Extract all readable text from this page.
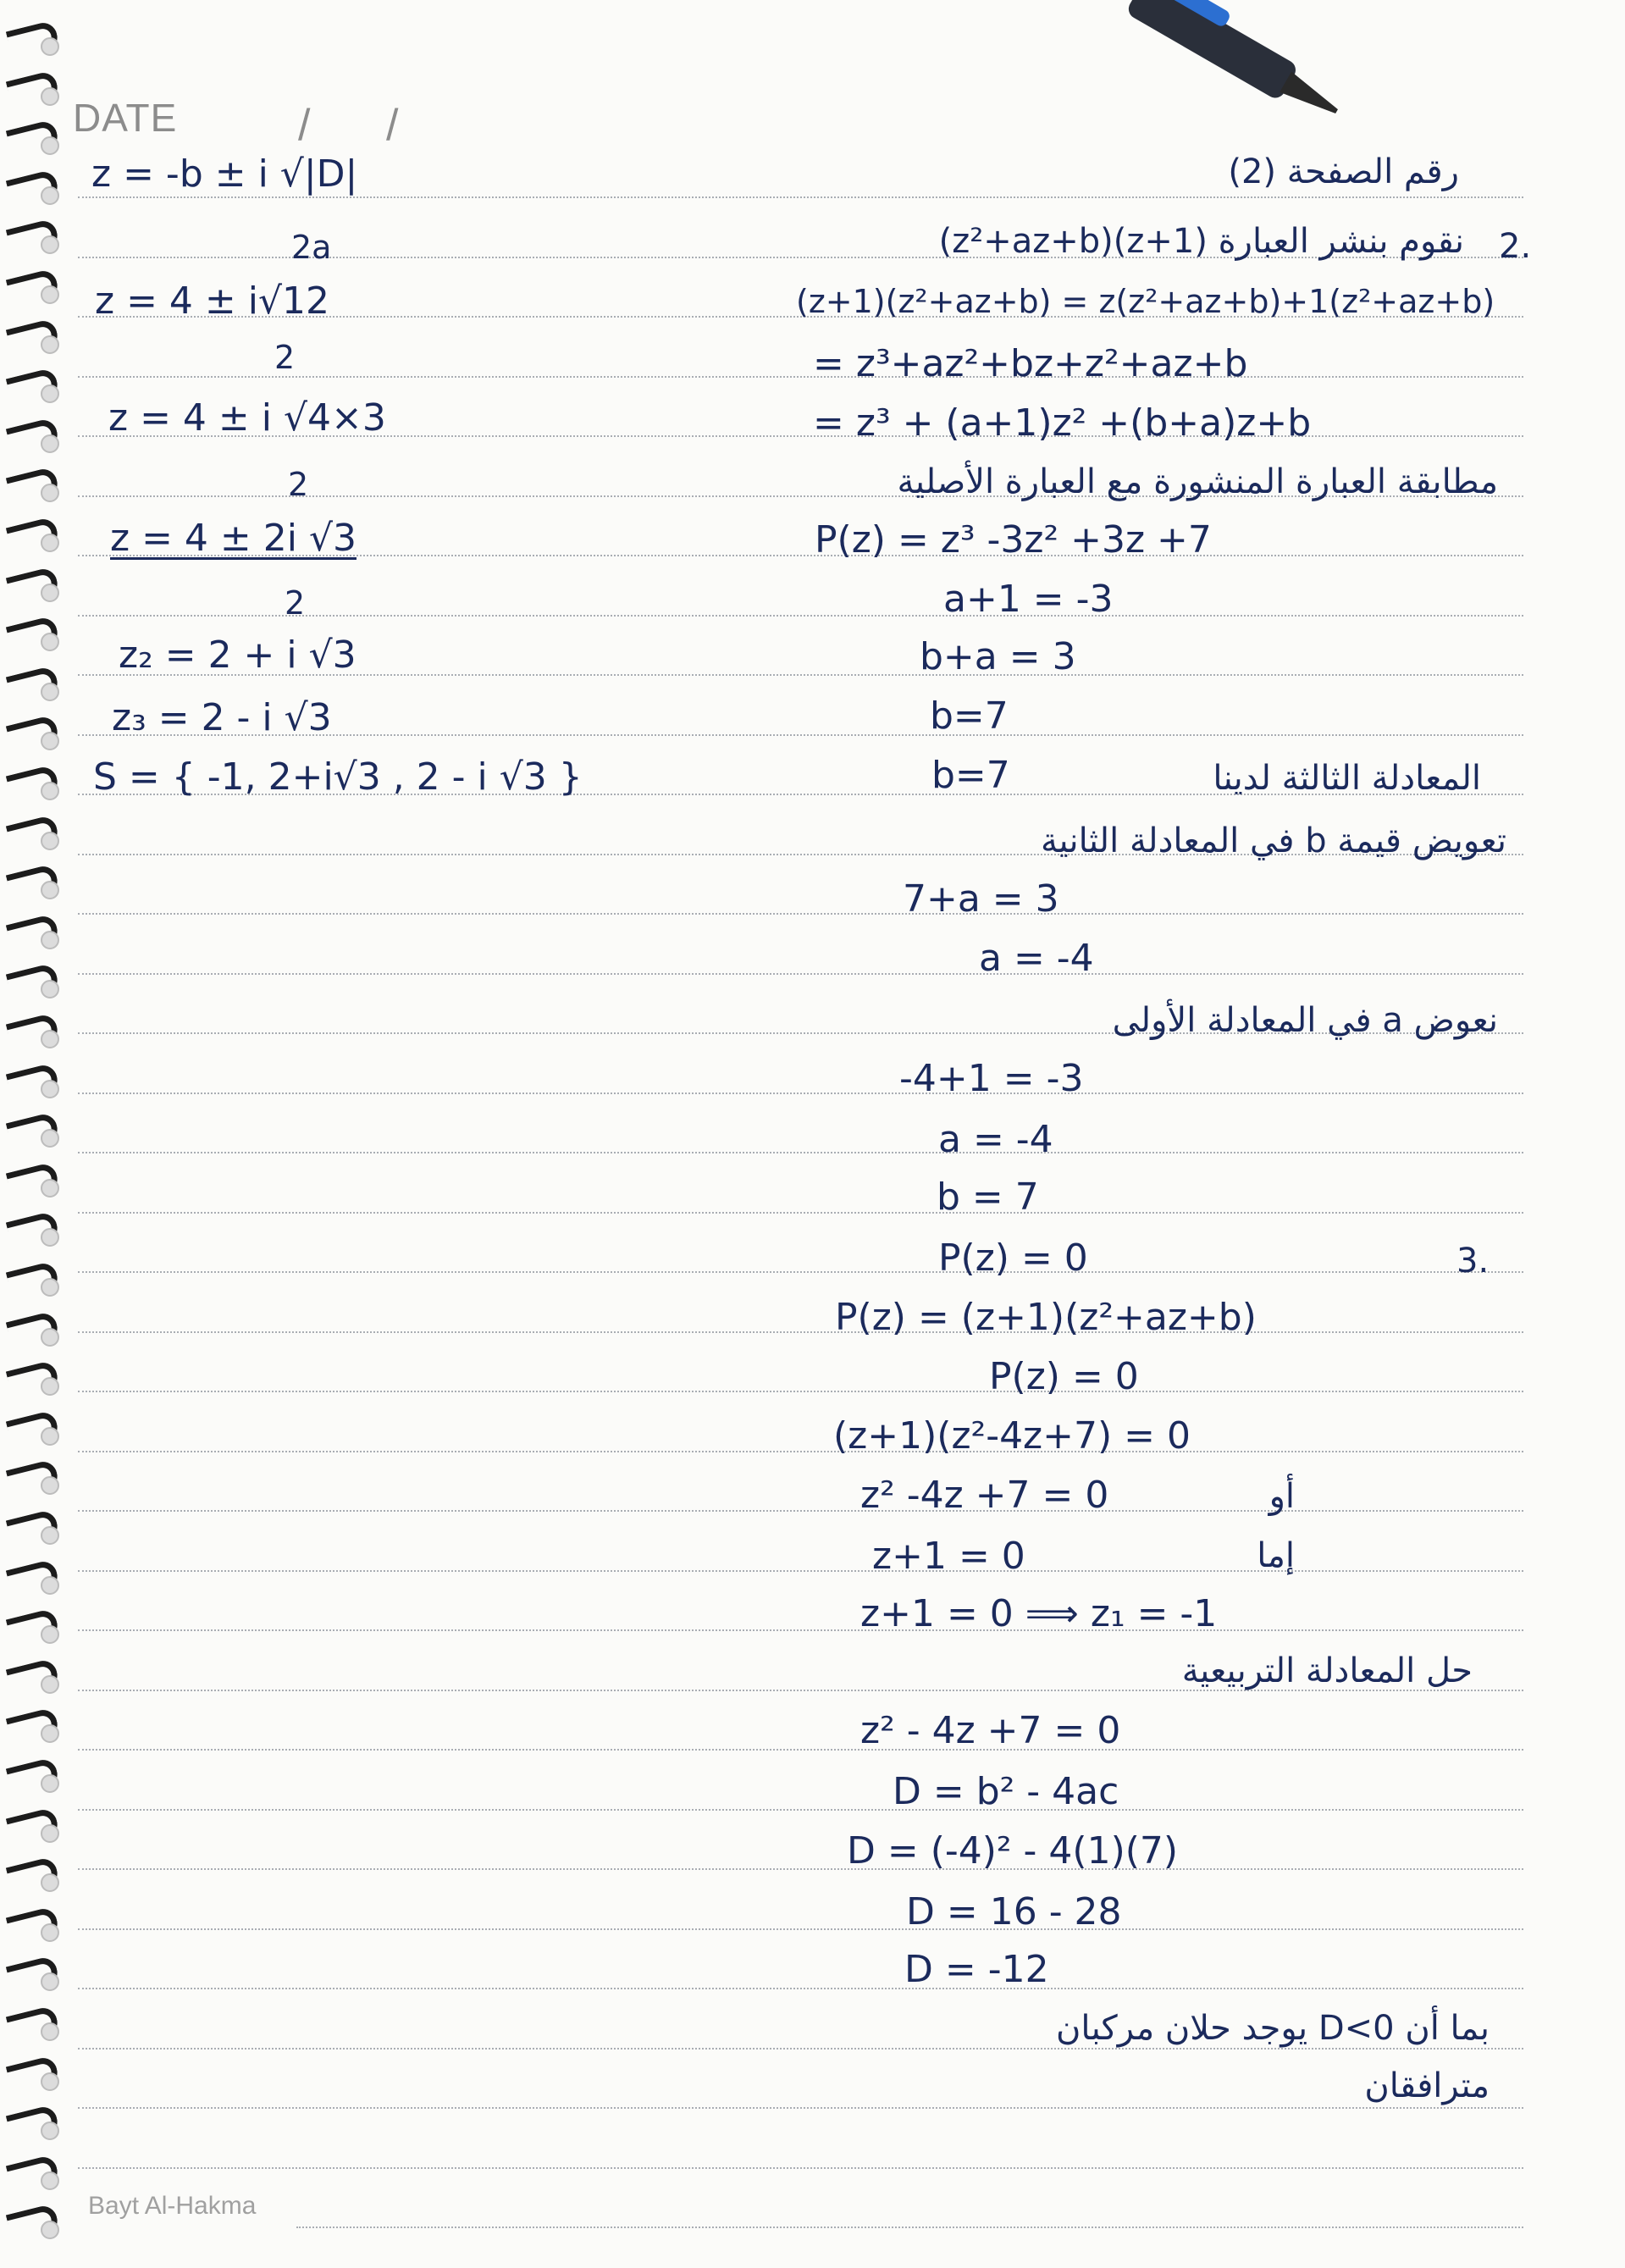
DATE	/ /
z = -b ± i √|D|
2a
z = 4 ± i√12
2
z = 4 ± i √4×3
2
z = 4 ± 2i √3
2
z₂ = 2 + i √3
z₃ = 2 - i √3
S = { -1, 2+i√3 , 2 - i √3 }
رقم الصفحة (2)
2.
نقوم بنشر العبارة (z+1)(z²+az+b)
(z+1)(z²+az+b) = z(z²+az+b)+1(z²+az+b)
= z³+az²+bz+z²+az+b
= z³ + (a+1)z² +(b+a)z+b
مطابقة العبارة المنشورة مع العبارة الأصلية
P(z) = z³ -3z² +3z +7
a+1 = -3
b+a = 3
b=7
b=7	المعادلة الثالثة لدينا
تعويض قيمة b في المعادلة الثانية
7+a = 3
a = -4
نعوض a في المعادلة الأولى
-4+1 = -3
a = -4
b = 7
3.
P(z) = 0
P(z) = (z+1)(z²+az+b)
P(z) = 0
(z+1)(z²-4z+7) = 0
z² -4z +7 = 0	أو
z+1 = 0	إما
z+1 = 0 ⟹ z₁ = -1
حل المعادلة التربيعية
z² - 4z +7 = 0
D = b² - 4ac
D = (-4)² - 4(1)(7)
D = 16 - 28
D = -12
بما أن D<0 يوجد حلان مركبان
مترافقان
Bayt Al-Hakma
